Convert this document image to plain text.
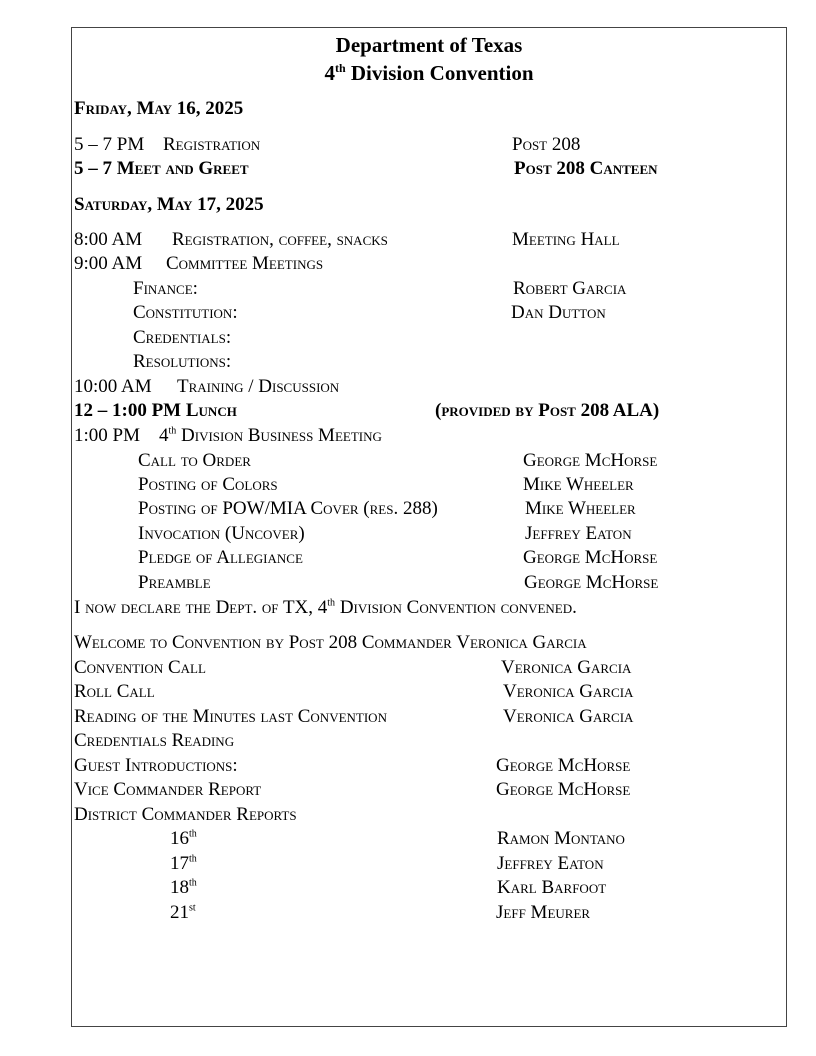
Department of Texas
4th Division Convention
Friday, May 16, 2025
5 – 7 PM Registration	Post 208
5 – 7 Meet and Greet	Post 208 Canteen
Saturday, May 17, 2025
8:00 AM Registration, coffee, snacks	Meeting Hall
9:00 AM Committee Meetings
Finance:	Robert Garcia
Constitution:	Dan Dutton
Credentials:
Resolutions:
10:00 AM Training / Discussion
12 – 1:00 PM Lunch	(provided by Post 208 ALA)
1:00 PM 4th Division Business Meeting
Call to Order	George McHorse
Posting of Colors	Mike Wheeler
Posting of POW/MIA Cover (res. 288)	Mike Wheeler
Invocation (Uncover)	Jeffrey Eaton
Pledge of Allegiance	George McHorse
Preamble	George McHorse
I now declare the Dept. of TX, 4th Division Convention convened.
Welcome to Convention by Post 208 Commander Veronica Garcia
Convention Call	Veronica Garcia
Roll Call	Veronica Garcia
Reading of the Minutes last Convention	Veronica Garcia
Credentials Reading
Guest Introductions:	George McHorse
Vice Commander Report	George McHorse
District Commander Reports
16th	Ramon Montano
17th	Jeffrey Eaton
18th	Karl Barfoot
21st	Jeff Meurer
